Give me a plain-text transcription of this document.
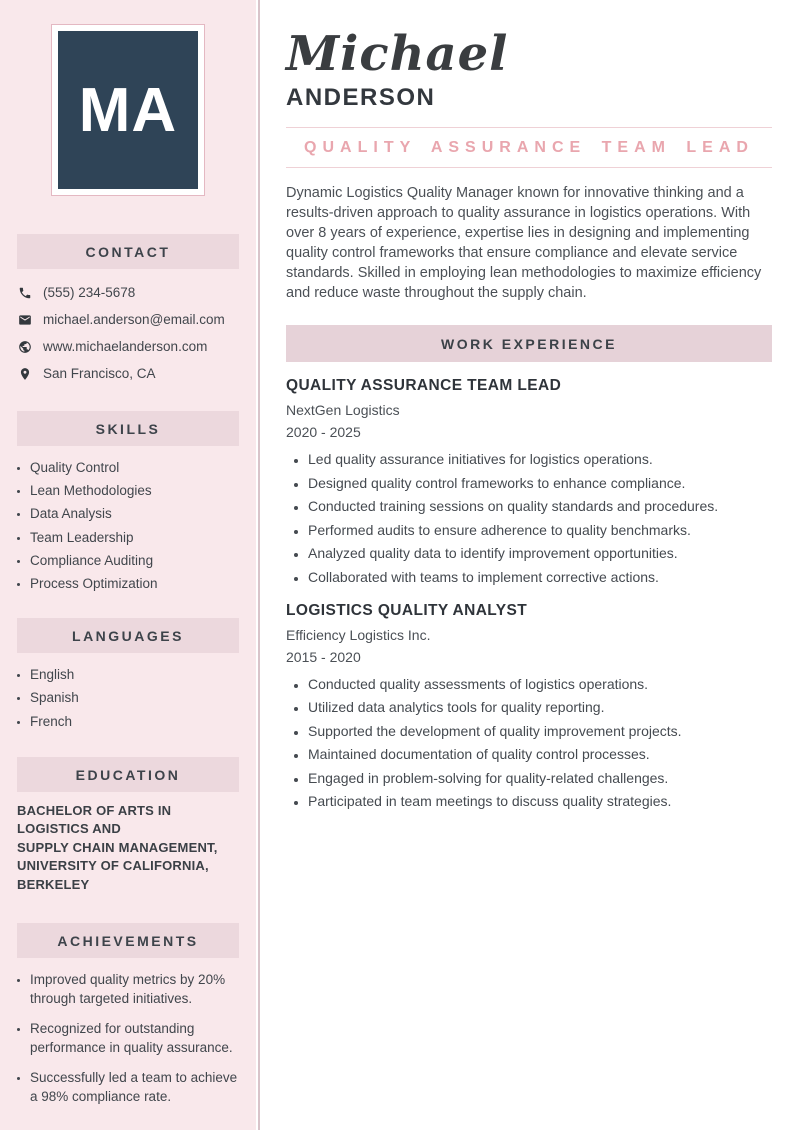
MA
CONTACT
(555) 234-5678
michael.anderson@email.com
www.michaelanderson.com
San Francisco, CA
SKILLS
• Quality Control
• Lean Methodologies
• Data Analysis
• Team Leadership
• Compliance Auditing
• Process Optimization
LANGUAGES
• English
• Spanish
• French
EDUCATION
BACHELOR OF ARTS IN LOGISTICS AND
SUPPLY CHAIN MANAGEMENT,
UNIVERSITY OF CALIFORNIA,
BERKELEY
ACHIEVEMENTS
• Improved quality metrics by 20% through targeted initiatives.
• Recognized for outstanding performance in quality assurance.
• Successfully led a team to achieve a 98% compliance rate.
Michael
ANDERSON
QUALITY ASSURANCE TEAM LEAD

Dynamic Logistics Quality Manager known for innovative thinking and a results-driven approach to quality assurance in logistics operations. With over 8 years of experience, expertise lies in designing and implementing quality control frameworks that ensure compliance and elevate service standards. Skilled in employing lean methodologies to maximize efficiency and reduce waste throughout the supply chain.

WORK EXPERIENCE
QUALITY ASSURANCE TEAM LEAD
NextGen Logistics
2020 - 2025
• Led quality assurance initiatives for logistics operations.
• Designed quality control frameworks to enhance compliance.
• Conducted training sessions on quality standards and procedures.
• Performed audits to ensure adherence to quality benchmarks.
• Analyzed quality data to identify improvement opportunities.
• Collaborated with teams to implement corrective actions.
LOGISTICS QUALITY ANALYST
Efficiency Logistics Inc.
2015 - 2020
• Conducted quality assessments of logistics operations.
• Utilized data analytics tools for quality reporting.
• Supported the development of quality improvement projects.
• Maintained documentation of quality control processes.
• Engaged in problem-solving for quality-related challenges.
• Participated in team meetings to discuss quality strategies.
